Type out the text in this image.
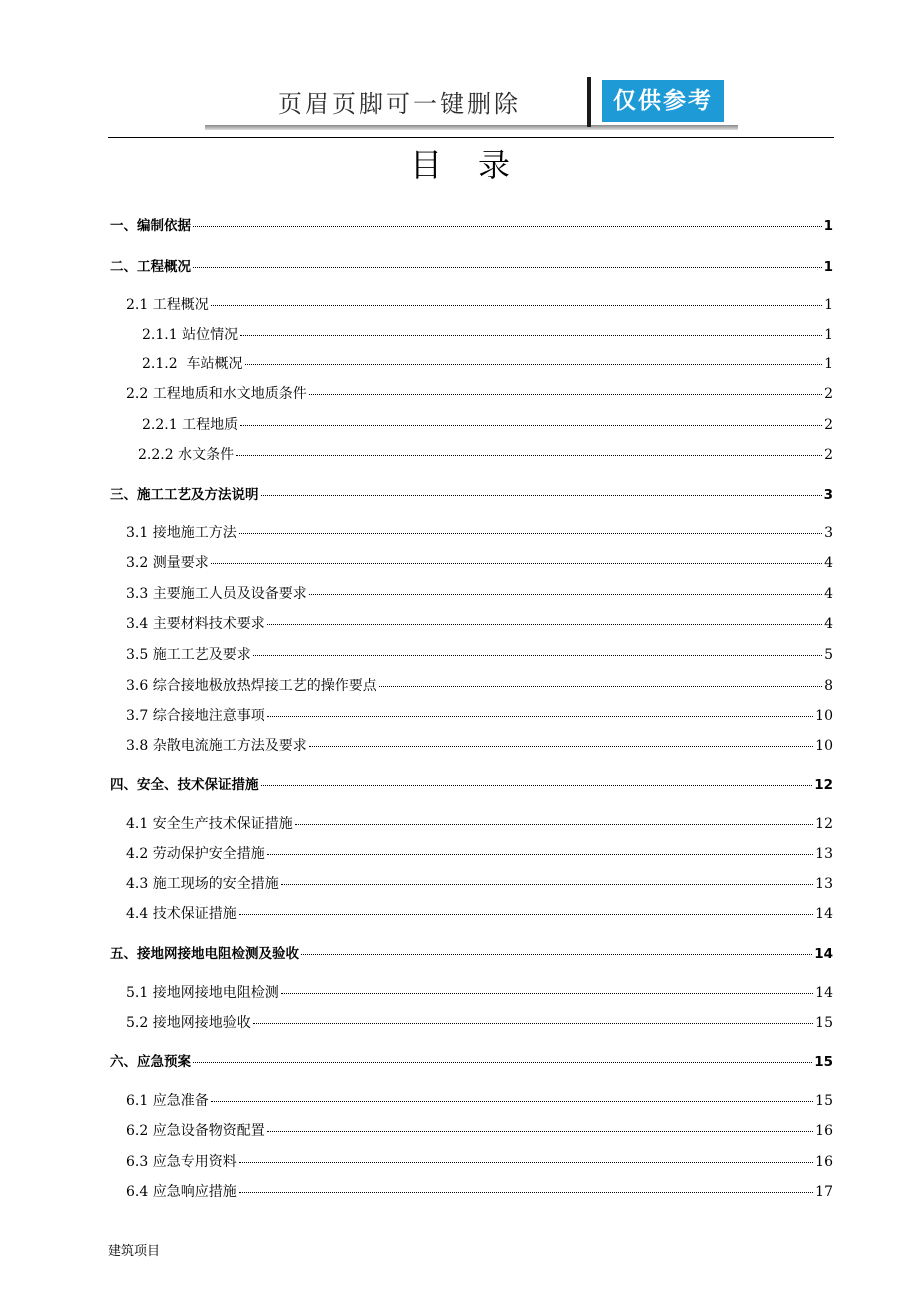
页眉页脚可一键删除	仅供参考
目 录
一、编制依据	1
二、工程概况	1
2.1 工程概况	1
2.1.1 站位情况	1
2.1.2  车站概况	1
2.2 工程地质和水文地质条件	2
2.2.1 工程地质	2
2.2.2 水文条件	2
三、施工工艺及方法说明	3
3.1 接地施工方法	3
3.2 测量要求	4
3.3 主要施工人员及设备要求	4
3.4 主要材料技术要求	4
3.5 施工工艺及要求	5
3.6 综合接地极放热焊接工艺的操作要点	8
3.7 综合接地注意事项	10
3.8 杂散电流施工方法及要求	10
四、安全、技术保证措施	12
4.1 安全生产技术保证措施	12
4.2 劳动保护安全措施	13
4.3 施工现场的安全措施	13
4.4 技术保证措施	14
五、接地网接地电阻检测及验收	14
5.1 接地网接地电阻检测	14
5.2 接地网接地验收	15
六、应急预案	15
6.1 应急准备	15
6.2 应急设备物资配置	16
6.3 应急专用资料	16
6.4 应急响应措施	17
建筑项目
